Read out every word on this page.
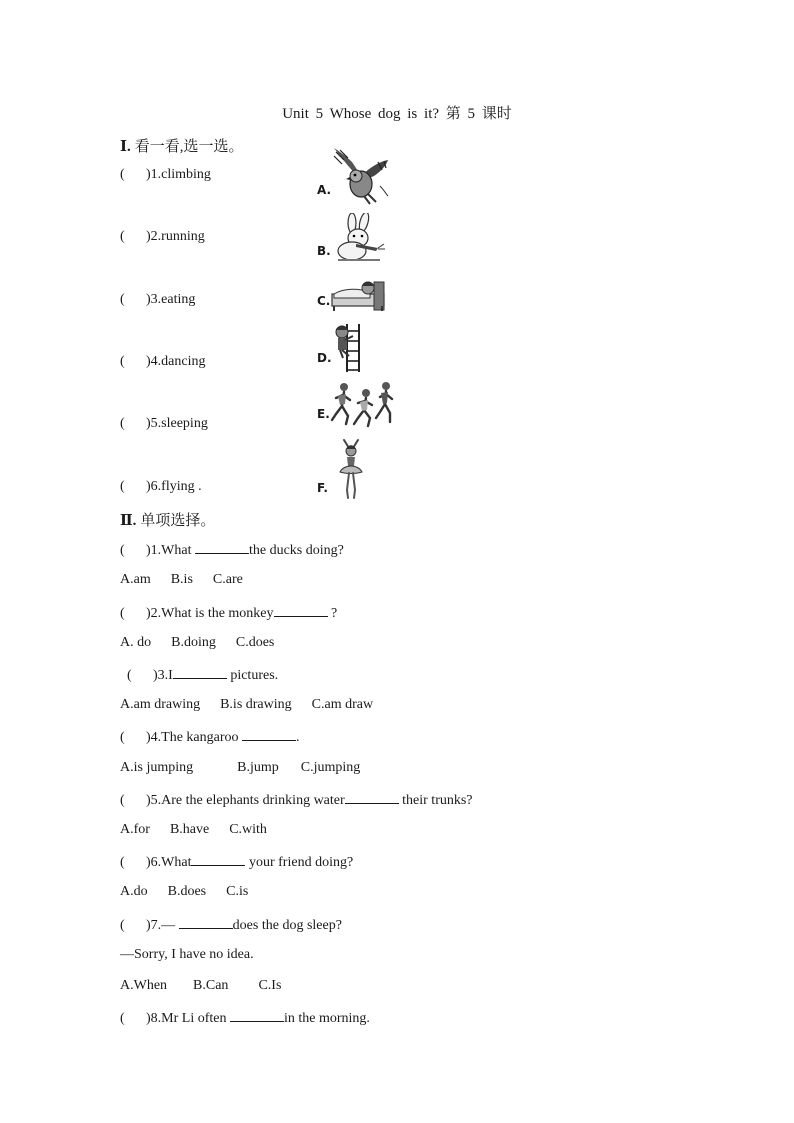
Unit 5 Whose dog is it? 第 5 课时
Ⅰ. 看一看,选一选。
( )1.climbing
( )2.running
( )3.eating
( )4.dancing
( )5.sleeping
( )6.flying .
A.
B.
C.
D.
E.
F.
Ⅱ. 单项选择。
( )1.What	the ducks doing?
A.am B.is C.are
( )2.What is the monkey	?
A. do B.doing C.does
( )3.I	pictures.
A.am drawing B.is drawing C.am draw
( )4.The kangaroo	.
A.is jumping	B.jump C.jumping
( )5.Are the elephants drinking water	their trunks?
A.for B.have C.with
( )6.What	your friend doing?
A.do B.does C.is
( )7.—	does the dog sleep?
—Sorry, I have no idea.
A.When B.Can C.Is
( )8.Mr Li often	in the morning.
